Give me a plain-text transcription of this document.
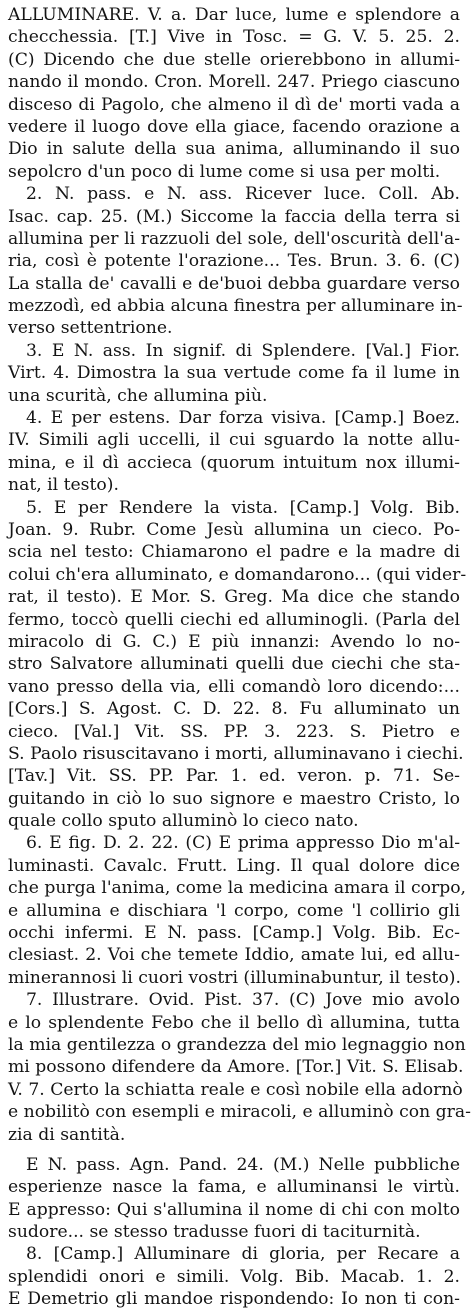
ALLUMINARE. V. a. Dar luce, lume e splendore a
checchessia. [T.] Vive in Tosc. = G. V. 5. 25. 2.
(C) Dicendo che due stelle orierebbono in allumi-
nando il mondo. Cron. Morell. 247. Priego ciascuno
disceso di Pagolo, che almeno il dì de' morti vada a
vedere il luogo dove ella giace, facendo orazione a
Dio in salute della sua anima, alluminando il suo
sepolcro d'un poco di lume come si usa per molti.
2. N. pass. e N. ass. Ricever luce. Coll. Ab.
Isac. cap. 25. (M.) Siccome la faccia della terra si
allumina per li razzuoli del sole, dell'oscurità dell'a-
ria, così è potente l'orazione... Tes. Brun. 3. 6. (C)
La stalla de' cavalli e de'buoi debba guardare verso
mezzodì, ed abbia alcuna finestra per alluminare in-
verso settentrione.
3. E N. ass. In signif. di Splendere. [Val.] Fior.
Virt. 4. Dimostra la sua vertude come fa il lume in
una scurità, che allumina più.
4. E per estens. Dar forza visiva. [Camp.] Boez.
IV. Simili agli uccelli, il cui sguardo la notte allu-
mina, e il dì accieca (quorum intuitum nox illumi-
nat, il testo).
5. E per Rendere la vista. [Camp.] Volg. Bib.
Joan. 9. Rubr. Come Jesù allumina un cieco. Po-
scia nel testo: Chiamarono el padre e la madre di
colui ch'era alluminato, e domandarono... (qui vider-
rat, il testo). E Mor. S. Greg. Ma dice che stando
fermo, toccò quelli ciechi ed alluminogli. (Parla del
miracolo di G. C.) E più innanzi: Avendo lo no-
stro Salvatore alluminati quelli due ciechi che sta-
vano presso della via, elli comandò loro dicendo:...
[Cors.] S. Agost. C. D. 22. 8. Fu alluminato un
cieco. [Val.] Vit. SS. PP. 3. 223. S. Pietro e
S. Paolo risuscitavano i morti, alluminavano i ciechi.
[Tav.] Vit. SS. PP. Par. 1. ed. veron. p. 71. Se-
guitando in ciò lo suo signore e maestro Cristo, lo
quale collo sputo alluminò lo cieco nato.
6. E fig. D. 2. 22. (C) E prima appresso Dio m'al-
luminasti. Cavalc. Frutt. Ling. Il qual dolore dice
che purga l'anima, come la medicina amara il corpo,
e allumina e dischiara 'l corpo, come 'l collirio gli
occhi infermi. E N. pass. [Camp.] Volg. Bib. Ec-
clesiast. 2. Voi che temete Iddio, amate lui, ed allu-
minerannosi li cuori vostri (illuminabuntur, il testo).
7. Illustrare. Ovid. Pist. 37. (C) Jove mio avolo
e lo splendente Febo che il bello dì allumina, tutta
la mia gentilezza o grandezza del mio legnaggio non
mi possono difendere da Amore. [Tor.] Vit. S. Elisab.
V. 7. Certo la schiatta reale e così nobile ella adornò
e nobilitò con esempli e miracoli, e alluminò con gra-
zia di santità.
E N. pass. Agn. Pand. 24. (M.) Nelle pubbliche
esperienze nasce la fama, e alluminansi le virtù.
E appresso: Qui s'allumina il nome di chi con molto
sudore... se stesso tradusse fuori di taciturnità.
8. [Camp.] Alluminare di gloria, per Recare a
splendidi onori e simili. Volg. Bib. Macab. 1. 2.
E Demetrio gli mandoe rispondendo: Io non ti con-
